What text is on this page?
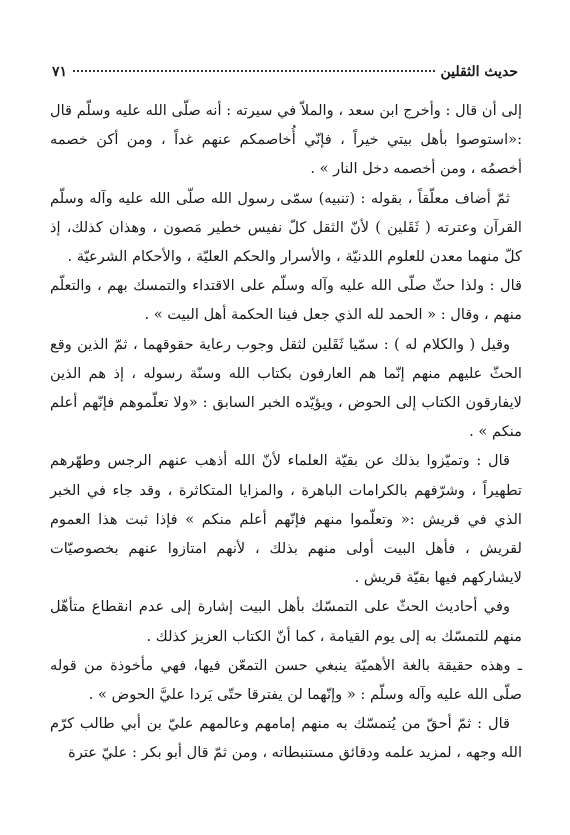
حديث الثقلين
٧١

إلى أن قال : وأخرج ابن سعد ، والملاّ في سيرته : أنه صلّى الله عليه وسلّم قال :«استوصوا بأهل بيتي خيراً ، فإنّي أُخاصمكم عنهم غداً ، ومن أكن خصمه أخصمُه ، ومن أخصمه دخل النار » .

ثمّ أضاف معلّقاً ، بقوله : (تنبيه) سمّى رسول الله صلّى الله عليه وآله وسلّم القرآن وعترته ( ثَقَلين ) لأنّ الثقل كلّ نفيس خطير مَصون ، وهذان كذلك، إذ كلّ منهما معدن للعلوم اللدنيّة ، والأسرار والحكم العليّة ، والأحكام الشرعيّة .

قال : ولذا حثّ صلّى الله عليه وآله وسلّم على الاقتداء والتمسك بهم ، والتعلّم منهم ، وقال : « الحمد لله الذي جعل فينا الحكمة أهل البيت » .

وقيل ( والكلام له ) : سمّيا ثَقَلين لثقل وجوب رعاية حقوقهما ، ثمّ الذين وقع الحثّ عليهم منهم إنّما هم العارفون بكتاب الله وسنّة رسوله ، إذ هم الذين لايفارقون الكتاب إلى الحوض ، ويؤيّده الخبر السابق : «ولا تعلّموهم فإنّهم أعلم منكم » .

قال : وتميّزوا بذلك عن بقيّة العلماء لأنّ الله أذهب عنهم الرجس وطهّرهم تطهيراً ، وشرّفهم بالكرامات الباهرة ، والمزايا المتكاثرة ، وقد جاء في الخبر الذي في قريش :« وتعلّموا منهم فإنّهم أعلم منكم » فإذا ثبت هذا العموم لقريش ، فأهل البيت أولى منهم بذلك ، لأنهم امتازوا عنهم بخصوصيّات لايشاركهم فيها بقيّة قريش .

وفي أحاديث الحثّ على التمسّك بأهل البيت إشارة إلى عدم انقطاع متأهّل منهم للتمسّك به إلى يوم القيامة ، كما أنّ الكتاب العزيز كذلك .

ـ وهذه حقيقة بالغة الأهميّة ينبغي حسن التمعّن فيها، فهي مأخوذة من قوله صلّى الله عليه وآله وسلّم : « وإنّهما لن يفترقا حتّى يَردا عليَّ الحوض » .

قال : ثمّ أحقّ من يُتمسّك به منهم إمامهم وعالمهم عليّ بن أبي طالب كرّم الله وجهه ، لمزيد علمه ودقائق مستنبطاته ، ومن ثمّ قال أبو بكر : عليّ عترة
